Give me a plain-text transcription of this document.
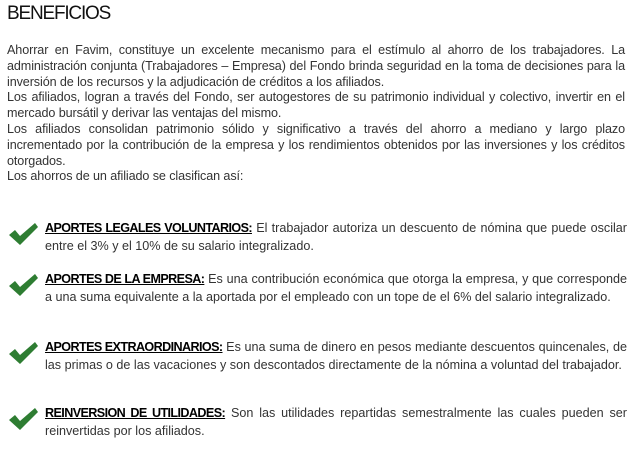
BENEFICIOS

Ahorrar en Favim, constituye un excelente mecanismo para el estímulo al ahorro de los trabajadores. La administración conjunta (Trabajadores – Empresa) del Fondo brinda seguridad en la toma de decisiones para la inversión de los recursos y la adjudicación de créditos a los afiliados.

Los afiliados, logran a través del Fondo, ser autogestores de su patrimonio individual y colectivo, invertir en el mercado bursátil y derivar las ventajas del mismo.

Los afiliados consolidan patrimonio sólido y significativo a través del ahorro a mediano y largo plazo incrementado por la contribución de la empresa y los rendimientos obtenidos por las inversiones y los créditos otorgados.

Los ahorros de un afiliado se clasifican así:

APORTES LEGALES VOLUNTARIOS: El trabajador autoriza un descuento de nómina que puede oscilar entre el 3% y el 10% de su salario integralizado.
APORTES DE LA EMPRESA: Es una contribución económica que otorga la empresa, y que corresponde a una suma equivalente a la aportada por el empleado con un tope de el 6% del salario integralizado.
APORTES EXTRAORDINARIOS: Es una suma de dinero en pesos mediante descuentos quincenales, de las primas o de las vacaciones y son descontados directamente de la nómina a voluntad del trabajador.
REINVERSION DE UTILIDADES: Son las utilidades repartidas semestralmente las cuales pueden ser reinvertidas por los afiliados.
